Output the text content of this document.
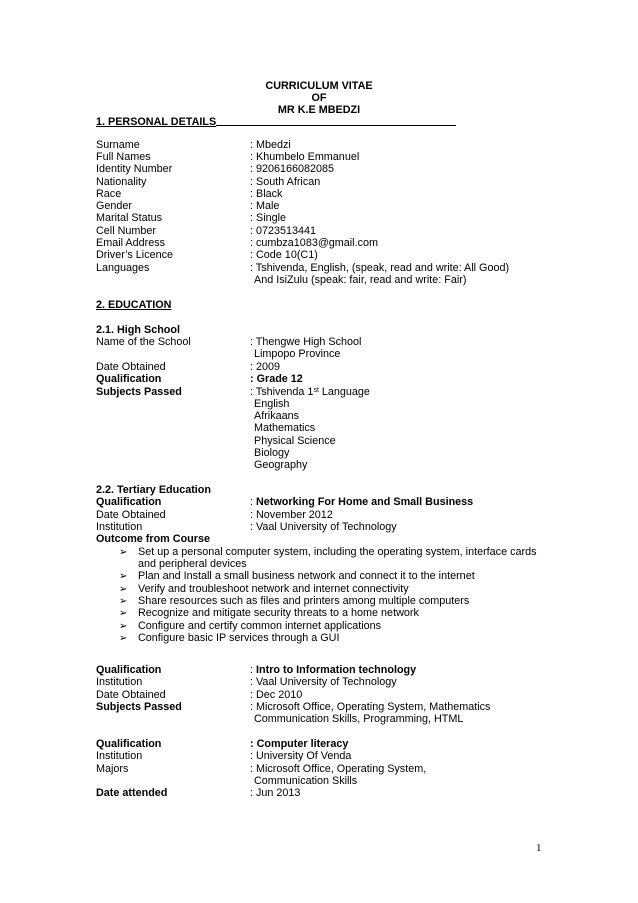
CURRICULUM VITAE
OF
MR K.E MBEDZI
1. PERSONAL DETAILS
Surname	: Mbedzi
Full Names	: Khumbelo Emmanuel
Identity Number	: 9206166082085
Nationality	: South African
Race	: Black
Gender	: Male
Marital Status	: Single
Cell Number	: 0723513441
Email Address	: cumbza1083@gmail.com
Driver’s Licence	: Code 10(C1)
Languages	: Tshivenda, English, (speak, read and write: All Good)
And IsiZulu (speak: fair, read and write: Fair)
2. EDUCATION
2.1. High School
Name of the School	: Thengwe High School
Limpopo Province
Date Obtained	: 2009
Qualification	: Grade 12
Subjects Passed	: Tshivenda 1st Language
English
Afrikaans
Mathematics
Physical Science
Biology
Geography
2.2. Tertiary Education
Qualification	: Networking For Home and Small Business
Date Obtained	: November 2012
Institution	: Vaal University of Technology
Outcome from Course
➢ Set up a personal computer system, including the operating system, interface cards
and peripheral devices
➢ Plan and Install a small business network and connect it to the internet
➢ Verify and troubleshoot network and internet connectivity
➢ Share resources such as files and printers among multiple computers
➢ Recognize and mitigate security threats to a home network
➢ Configure and certify common internet applications
➢ Configure basic IP services through a GUI
Qualification	: Intro to Information technology
Institution	: Vaal University of Technology
Date Obtained	: Dec 2010
Subjects Passed	: Microsoft Office, Operating System, Mathematics
Communication Skills, Programming, HTML
Qualification	: Computer literacy
Institution	: University Of Venda
Majors	: Microsoft Office, Operating System,
Communication Skills
Date attended	: Jun 2013
1
